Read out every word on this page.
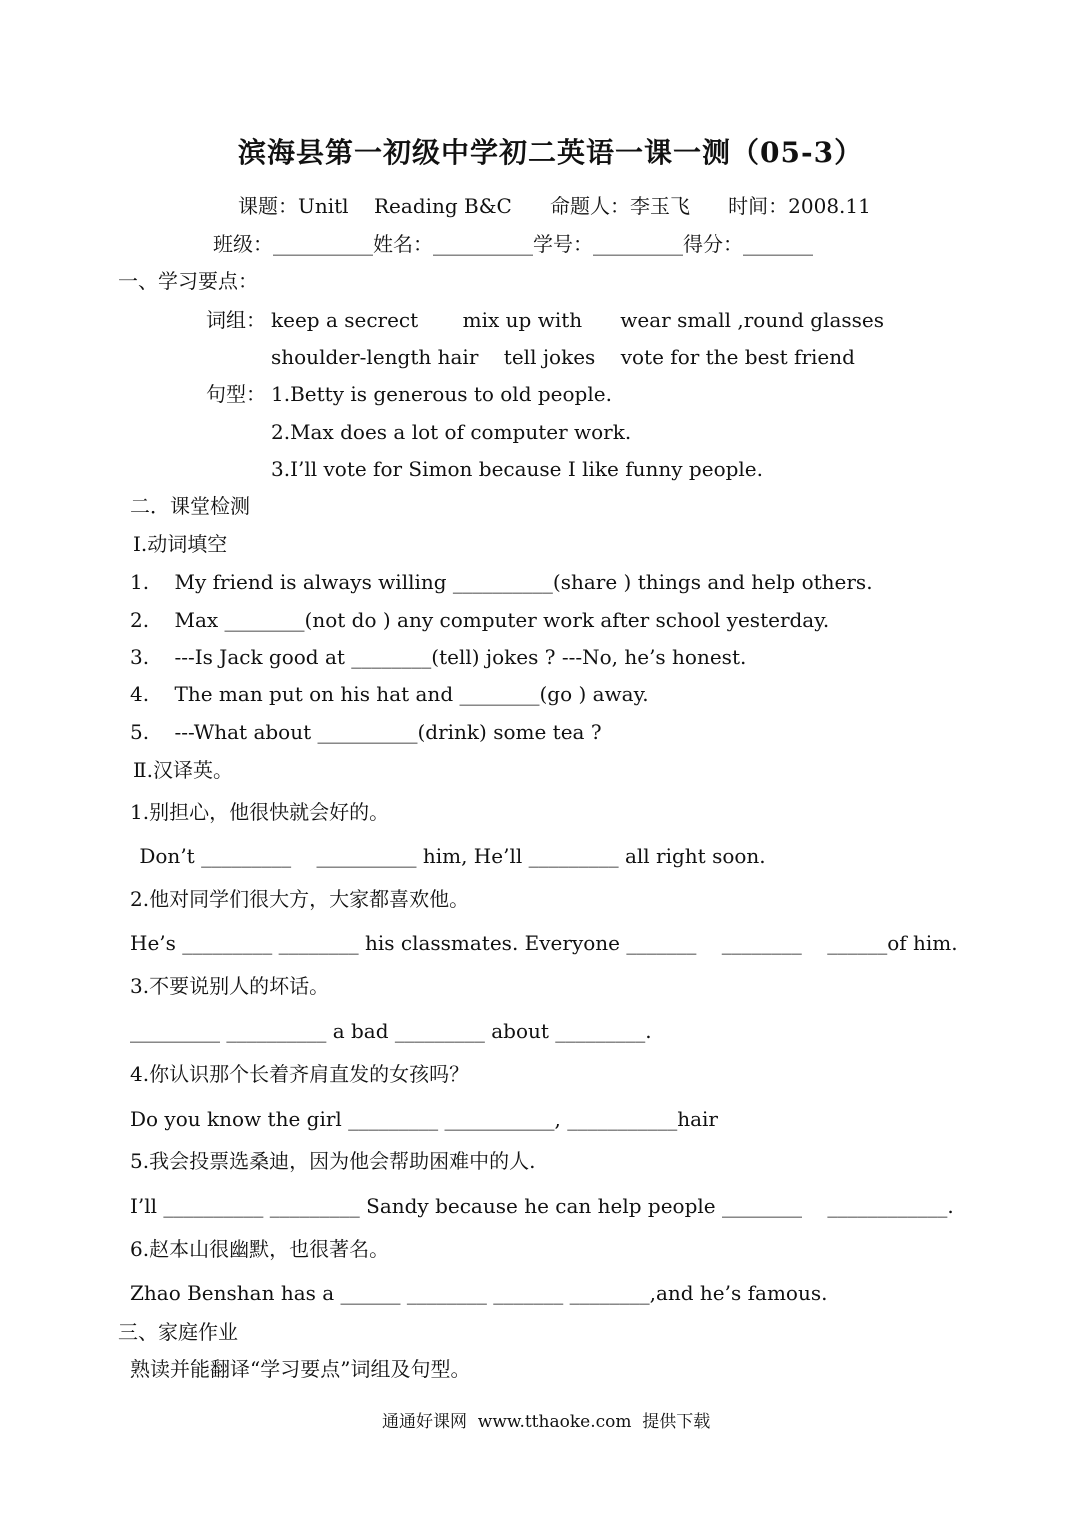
滨海县第一初级中学初二英语一课一测（05-3）
课题：Unitl    Reading B&C      命题人：李玉飞      时间：2008.11
班级：__________姓名：__________学号：_________得分：_______
一、学习要点：
词组： keep a secrect       mix up with      wear small ,round glasses
shoulder-length hair    tell jokes    vote for the best friend
句型： 1.Betty is generous to old people.
2.Max does a lot of computer work.
3.I’ll vote for Simon because I like funny people.
二．课堂检测
Ⅰ.动词填空
1.    My friend is always willing __________(share ) things and help others.
2.    Max ________(not do ) any computer work after school yesterday.
3.    ---Is Jack good at ________(tell) jokes ? ---No, he’s honest.
4.    The man put on his hat and ________(go ) away.
5.    ---What about __________(drink) some tea ?
Ⅱ.汉译英。
1.别担心，他很快就会好的。
Don’t _________    __________ him, He’ll _________ all right soon.
2.他对同学们很大方，大家都喜欢他。
He’s _________ ________ his classmates. Everyone _______    ________    ______of him.
3.不要说别人的坏话。
_________ __________ a bad _________ about _________.
4.你认识那个长着齐肩直发的女孩吗？
Do you know the girl _________ ___________, ___________hair
5.我会投票选桑迪，因为他会帮助困难中的人.
I’ll __________ _________ Sandy because he can help people ________    ____________.
6.赵本山很幽默，也很著名。
Zhao Benshan has a ______ ________ _______ ________,and he’s famous.
三、家庭作业
熟读并能翻译“学习要点”词组及句型。
通通好课网  www.tthaoke.com  提供下载
